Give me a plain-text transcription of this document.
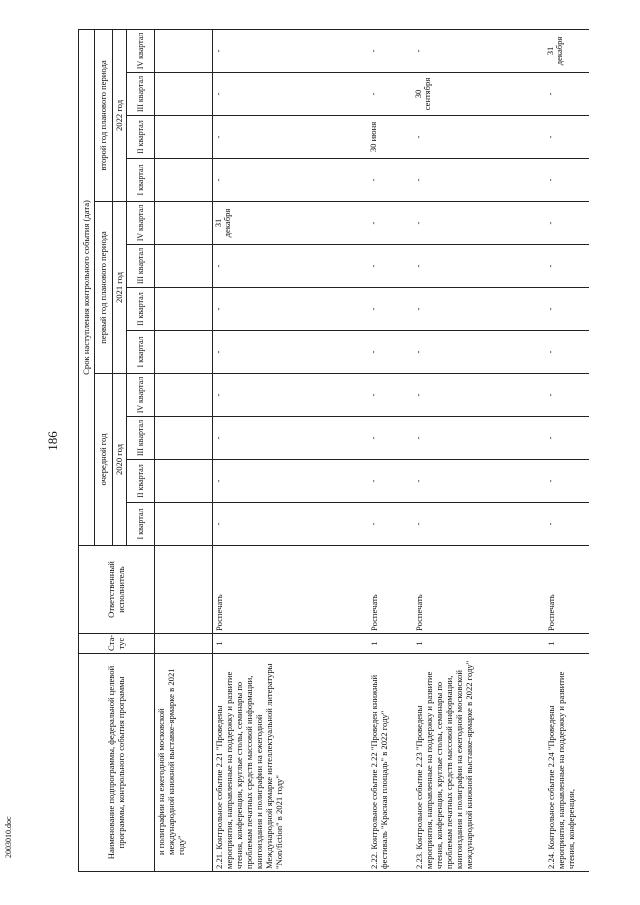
186
2003010.doc	Наименование подпрограммы, федеральной целевой программы, контрольного события программы	Ста-тус	Ответственный исполнитель	Срок наступления контрольного события (дата)											
			очередной год				первый год планового периода				второй год планового периода			
			2020 год				2021 год				2022 год			
			I квартал	II квартал	III квартал	IV квартал	I квартал	II квартал	III квартал	IV квартал	I квартал	II квартал	III квартал	IV квартал
и полиграфии на ежегодной московской международной книжной выставке-ярмарке в 2021 году"			

2.21. Контрольное событие 2.21 "Проведены мероприятия, направленные на поддержку и развитие чтения, конференции, круглые столы, семинары по проблемам печатных средств массовой информации, книгоиздания и полиграфии на ежегодной Международной ярмарке интеллектуальной литературы "Non/fiction" в 2021 году"	1	Роспечать	-	-	-	-	-	-	-	31 декабря	-	-	-	-

2.22. Контрольное событие 2.22 "Проведен книжный фестиваль "Красная площадь" в 2022 году"	1	Роспечать	-	-	-	-	-	-	-	-	-	30 июня	-	-

2.23. Контрольное событие 2.23 "Проведены мероприятия, направленные на поддержку и развитие чтения, конференции, круглые столы, семинары по проблемам печатных средств массовой информации, книгоиздания и полиграфии на ежегодной московской международной книжной выставке-ярмарке в 2022 году"	1	Роспечать	-	-	-	-	-	-	-	-	-	-	30 сентября	-

2.24. Контрольное событие 2.24 "Проведены мероприятия, направленные на поддержку и развитие чтения, конференции,	1	Роспечать	-	-	-	-	-	-	-	-	-	-	-	31 декабря
